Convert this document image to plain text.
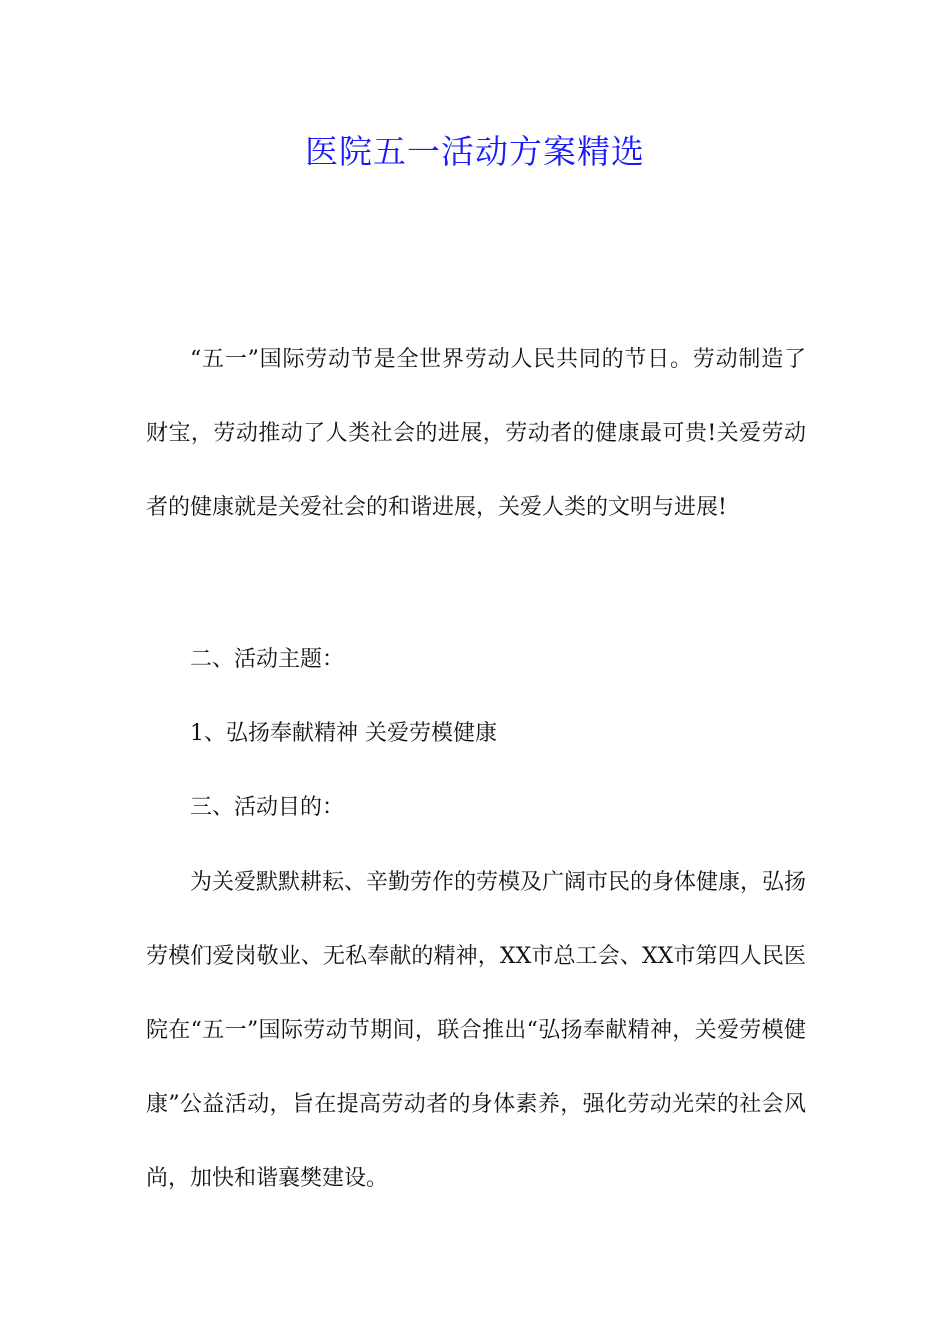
医院五一活动方案精选

“五一”国际劳动节是全世界劳动人民共同的节日。劳动制造了财宝，劳动推动了人类社会的进展，劳动者的健康最可贵!关爱劳动者的健康就是关爱社会的和谐进展，关爱人类的文明与进展!

二、活动主题：

1、弘扬奉献精神 关爱劳模健康

三、活动目的：

为关爱默默耕耘、辛勤劳作的劳模及广阔市民的身体健康，弘扬劳模们爱岗敬业、无私奉献的精神，XX市总工会、XX市第四人民医院在“五一”国际劳动节期间，联合推出“弘扬奉献精神，关爱劳模健康”公益活动，旨在提高劳动者的身体素养，强化劳动光荣的社会风尚，加快和谐襄樊建设。
